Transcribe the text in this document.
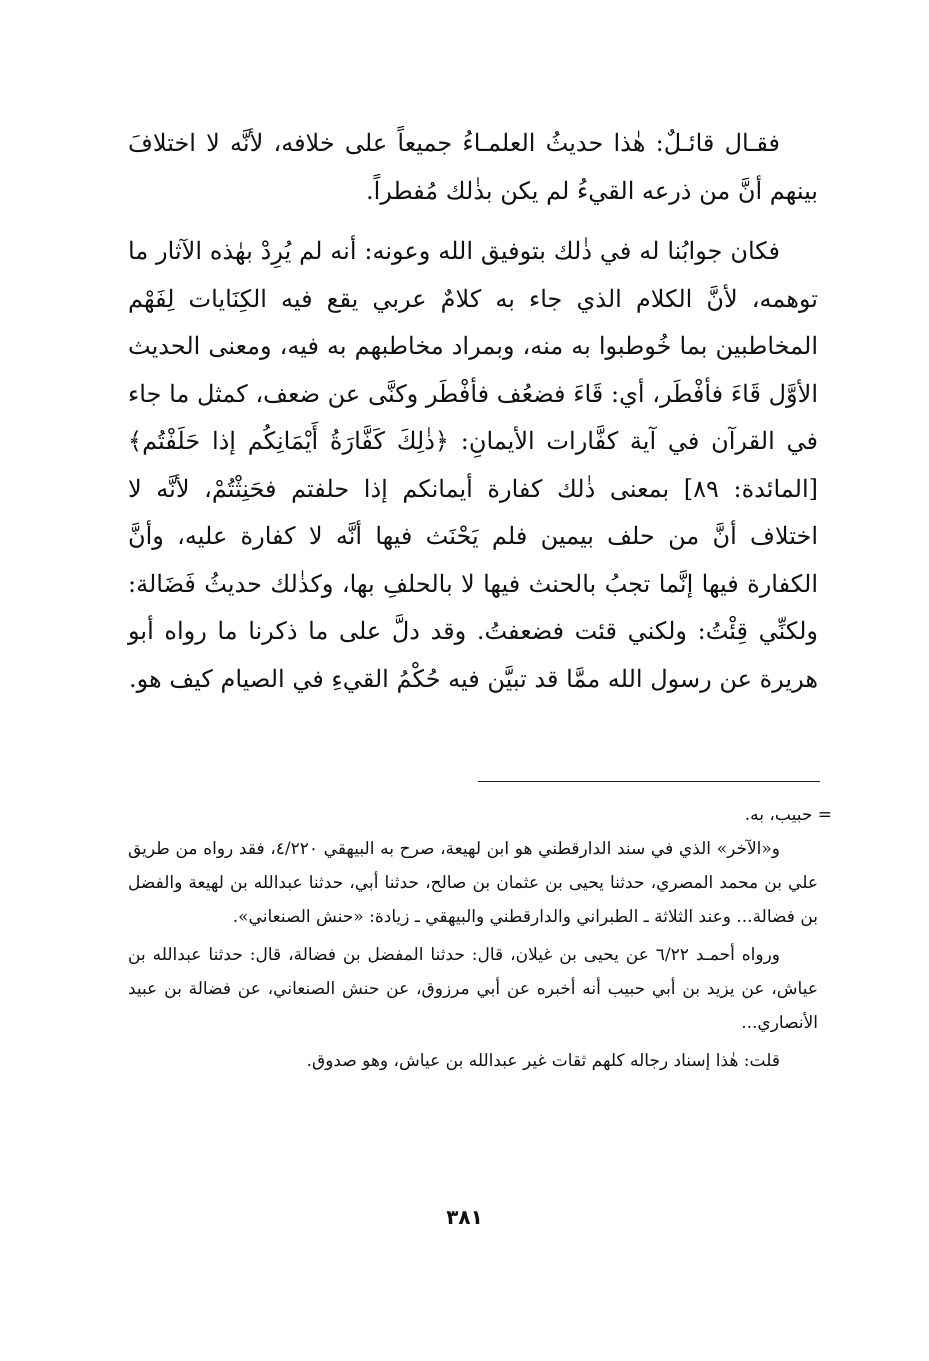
فقـال قائـلٌ: هٰذا حديثُ العلمـاءُ جميعاً على خلافه، لأنَّه لا اختلافَ بينهم أنَّ من ذرعه القيءُ لم يكن بذٰلك مُفطراً.

فكان جوابُنا له في ذٰلك بتوفيق الله وعونه: أنه لم يُرِدْ بهٰذه الآثار ما توهمه، لأنَّ الكلام الذي جاء به كلامٌ عربي يقع فيه الكِنَايات لِفَهْم المخاطبين بما خُوطبوا به منه، وبمراد مخاطبهم به فيه، ومعنى الحديث الأوَّل قَاءَ فأفْطَر، أي: قَاءَ فضعُف فأفْطَر وكنَّى عن ضعف، كمثل ما جاء في القرآن في آية كفَّارات الأيمانِ: ﴿ذٰلِكَ كَفَّارَةُ أَيْمَانِكُم إذا حَلَفْتُم﴾ [المائدة: ٨٩] بمعنى ذٰلك كفارة أيمانكم إذا حلفتم فحَنِثْتُمْ، لأنَّه لا اختلاف أنَّ من حلف بيمين فلم يَحْنَث فيها أنَّه لا كفارة عليه، وأنَّ الكفارة فيها إنَّما تجبُ بالحنث فيها لا بالحلفِ بها، وكذٰلك حديثُ فَضَالة: ولكنِّي قِئْتُ: ولكني قئت فضعفتُ. وقد دلَّ على ما ذكرنا ما رواه أبو هريرة عن رسول الله ممَّا قد تبيَّن فيه حُكْمُ القيءِ في الصيام كيف هو.

= حبيب، به.

و«الآخر» الذي في سند الدارقطني هو ابن لهيعة، صرح به البيهقي ٤/٢٢٠، فقد رواه من طريق علي بن محمد المصري، حدثنا يحيى بن عثمان بن صالح، حدثنا أبي، حدثنا عبدالله بن لهيعة والفضل بن فضالة... وعند الثلاثة ـ الطبراني والدارقطني والبيهقي ـ زيادة: «حنش الصنعاني».

ورواه أحمـد ٦/٢٢ عن يحيى بن غيلان، قال: حدثنا المفضل بن فضالة، قال: حدثنا عبدالله بن عياش، عن يزيد بن أبي حبيب أنه أخبره عن أبي مرزوق، عن حنش الصنعاني، عن فضالة بن عبيد الأنصاري...

قلت: هٰذا إسناد رجاله كلهم ثقات غير عبدالله بن عياش، وهو صدوق.

٣٨١
